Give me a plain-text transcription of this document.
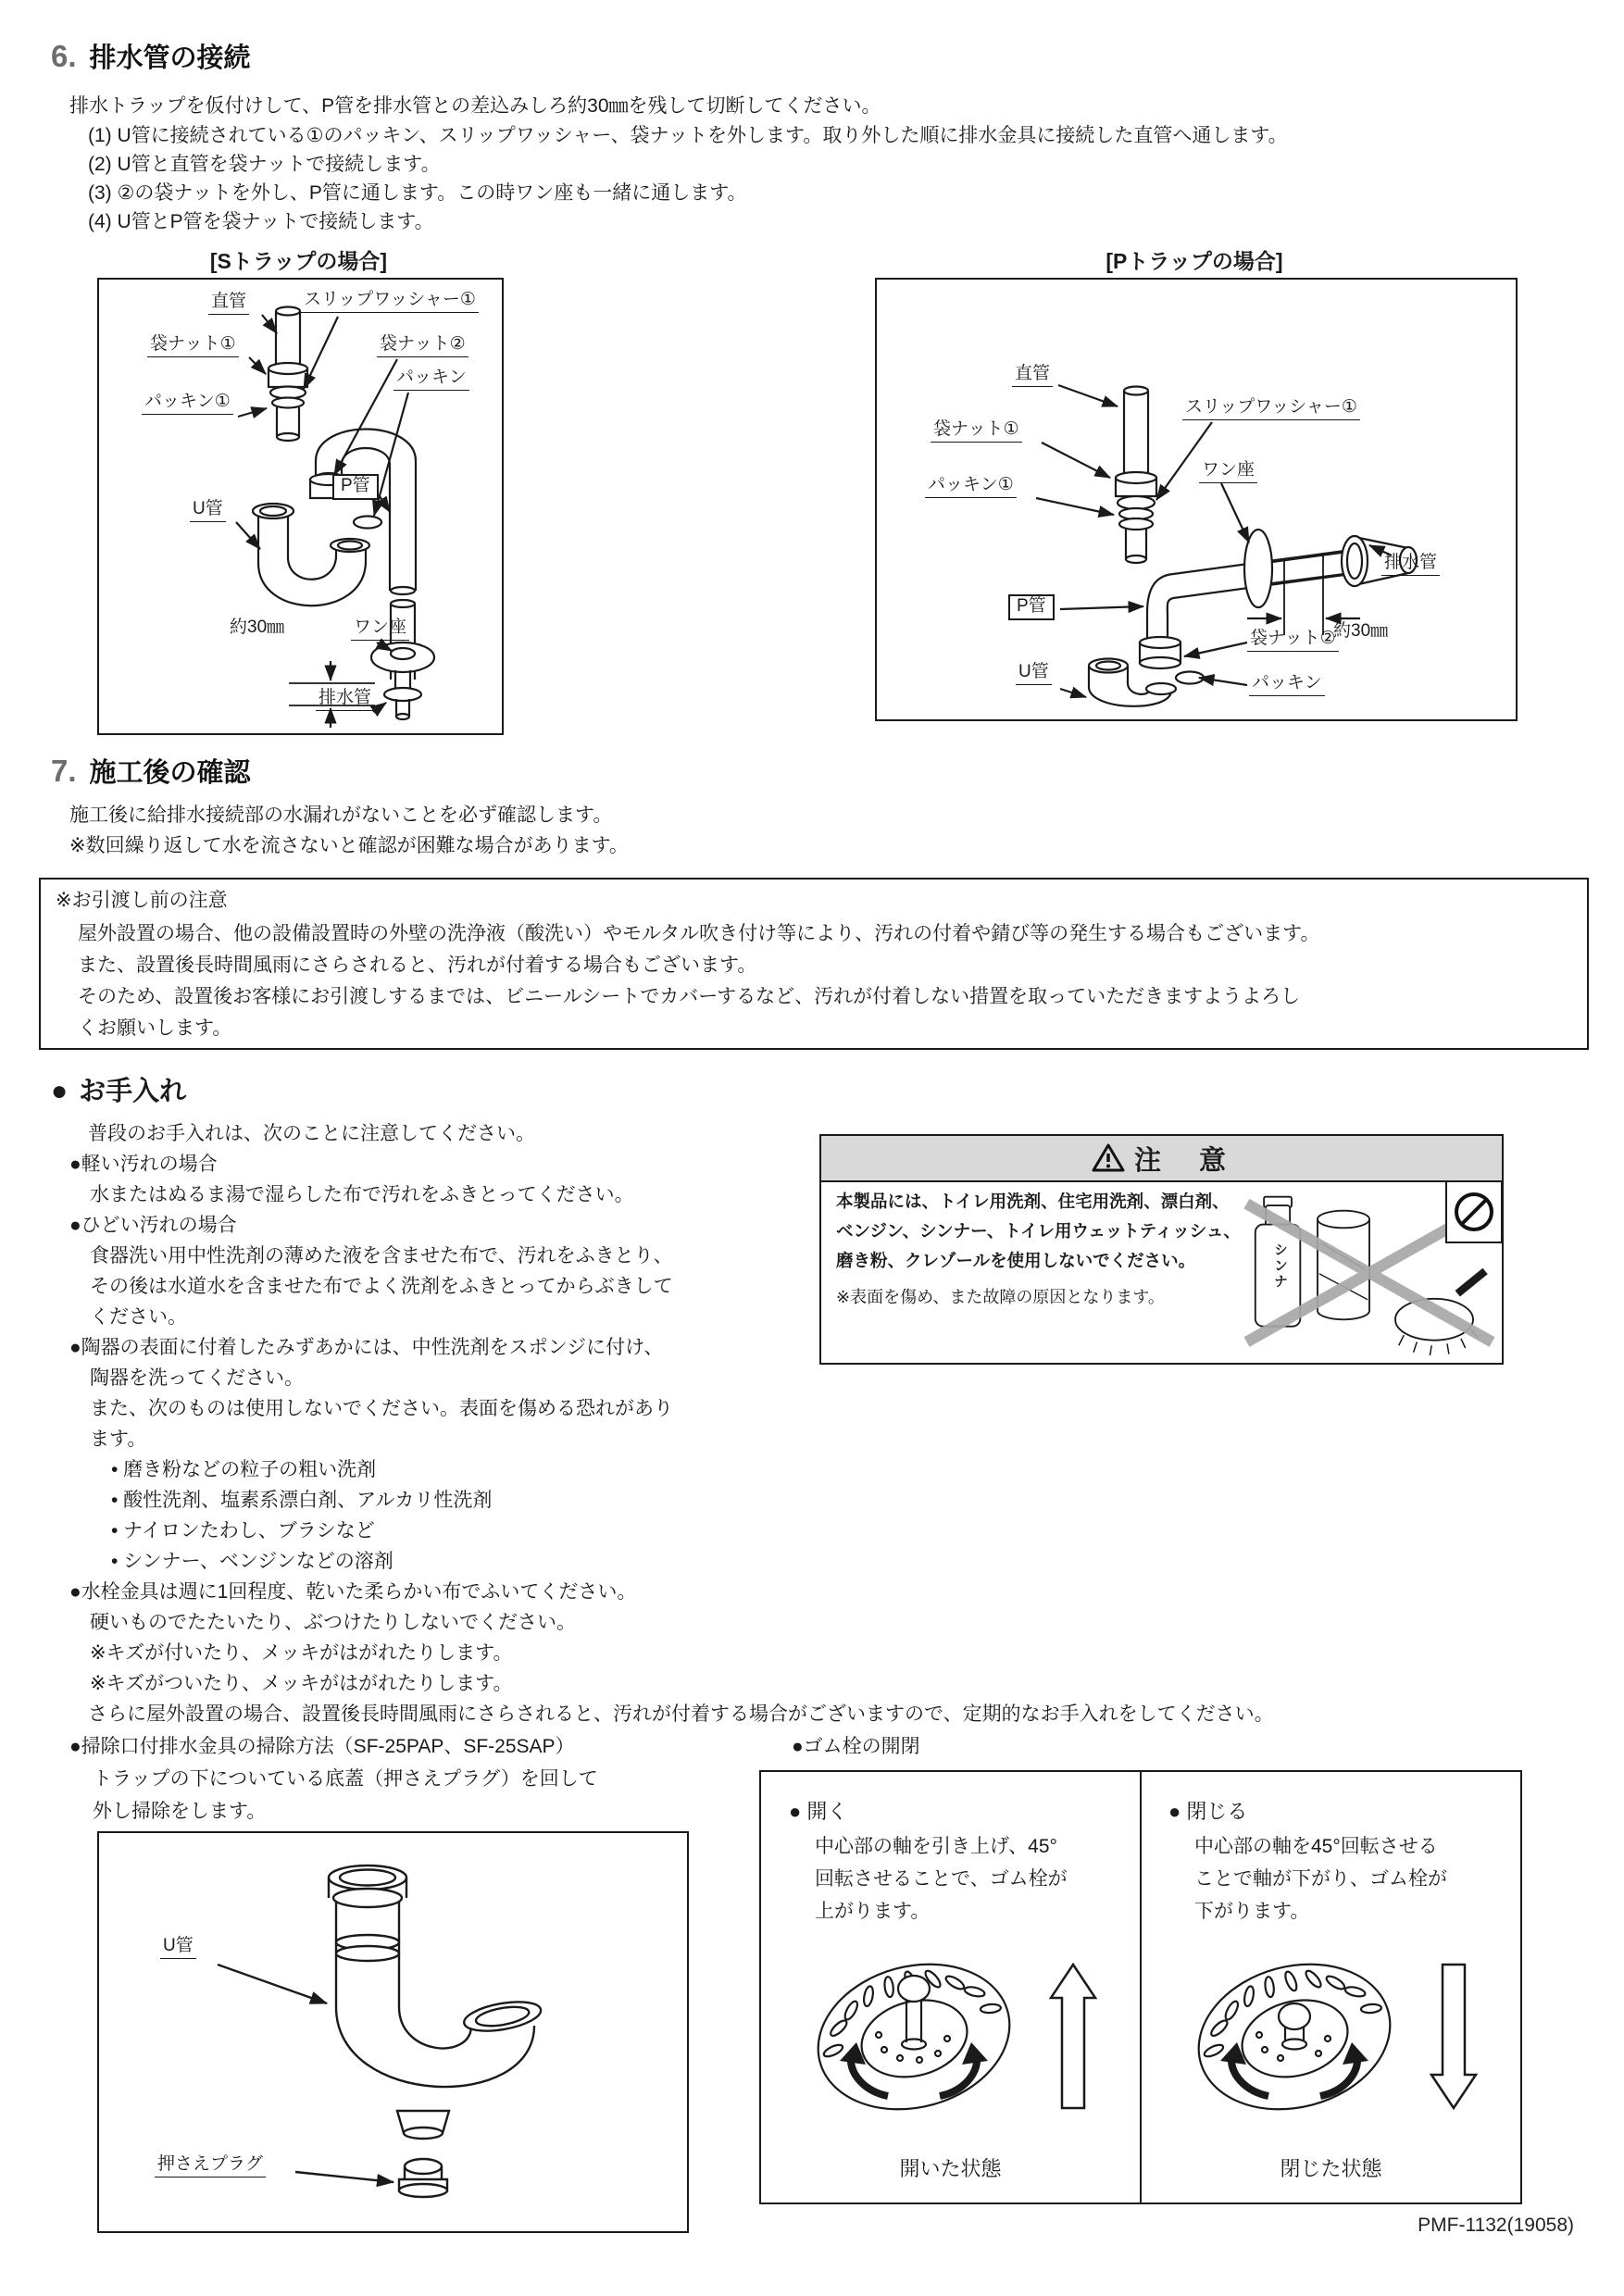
6. 排水管の接続
排水トラップを仮付けして、P管を排水管との差込みしろ約30㎜を残して切断してください。
(1) U管に接続されている①のパッキン、スリップワッシャー、袋ナットを外します。取り外した順に排水金具に接続した直管へ通します。
(2) U管と直管を袋ナットで接続します。
(3) ②の袋ナットを外し、P管に通します。この時ワン座も一緒に通します。
(4) U管とP管を袋ナットで接続します。
[Sトラップの場合]	[Pトラップの場合]
直管
袋ナット①
パッキン①
スリップワッシャー①
袋ナット②
パッキン
P管
U管
約30㎜	ワン座
排水管
直管
袋ナット①
パッキン①
スリップワッシャー①
ワン座
排水管
P管
約30㎜
袋ナット②
U管
パッキン
7. 施工後の確認
施工後に給排水接続部の水漏れがないことを必ず確認します。
※数回繰り返して水を流さないと確認が困難な場合があります。
※お引渡し前の注意
屋外設置の場合、他の設備設置時の外壁の洗浄液（酸洗い）やモルタル吹き付け等により、汚れの付着や錆び等の発生する場合もございます。
また、設置後長時間風雨にさらされると、汚れが付着する場合もございます。
そのため、設置後お客様にお引渡しするまでは、ビニールシートでカバーするなど、汚れが付着しない措置を取っていただきますようよろし
くお願いします。
● お手入れ
普段のお手入れは、次のことに注意してください。
●軽い汚れの場合
水またはぬるま湯で湿らした布で汚れをふきとってください。
●ひどい汚れの場合
食器洗い用中性洗剤の薄めた液を含ませた布で、汚れをふきとり、
その後は水道水を含ませた布でよく洗剤をふきとってからぶきして
ください。
●陶器の表面に付着したみずあかには、中性洗剤をスポンジに付け、
陶器を洗ってください。
また、次のものは使用しないでください。表面を傷める恐れがあり
ます。
• 磨き粉などの粒子の粗い洗剤
• 酸性洗剤、塩素系漂白剤、アルカリ性洗剤
• ナイロンたわし、ブラシなど
• シンナー、ベンジンなどの溶剤
●水栓金具は週に1回程度、乾いた柔らかい布でふいてください。
硬いものでたたいたり、ぶつけたりしないでください。
※キズが付いたり、メッキがはがれたりします。
※キズがついたり、メッキがはがれたりします。
さらに屋外設置の場合、設置後長時間風雨にさらされると、汚れが付着する場合がございますので、定期的なお手入れをしてください。
●掃除口付排水金具の掃除方法（SF-25PAP、SF-25SAP）
トラップの下についている底蓋（押さえプラグ）を回して
外し掃除をします。
●ゴム栓の開閉
注　意
本製品には、トイレ用洗剤、住宅用洗剤、漂白剤、
ベンジン、シンナー、トイレ用ウェットティッシュ、
磨き粉、クレゾールを使用しないでください。
※表面を傷め、また故障の原因となります。
シンナ
U管
押さえプラグ
● 開く
中心部の軸を引き上げ、45°
回転させることで、ゴム栓が
上がります。
開いた状態
● 閉じる
中心部の軸を45°回転させる
ことで軸が下がり、ゴム栓が
下がります。
閉じた状態
PMF-1132(19058)
